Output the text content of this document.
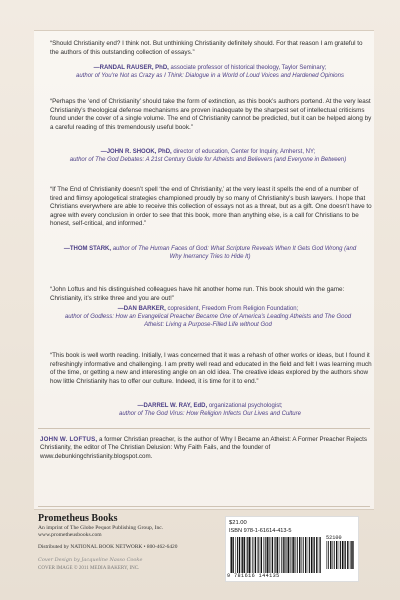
“Should Christianity end? I think not. But unthinking Christianity definitely should. For that reason I am grateful to the authors of this outstanding collection of essays.”
—RANDAL RAUSER, PhD, associate professor of historical theology, Taylor Seminary;
author of You're Not as Crazy as I Think: Dialogue in a World of Loud Voices and Hardened Opinions
“Perhaps the ‘end of Christianity’ should take the form of extinction, as this book’s authors portend. At the very least Christianity’s theological defense mechanisms are proven inadequate by the sharpest set of intellectual criticisms found under the cover of a single volume. The end of Christianity cannot be predicted, but it can be helped along by a careful reading of this tremendously useful book.”
—JOHN R. SHOOK, PhD, director of education, Center for Inquiry, Amherst, NY;
author of The God Debates: A 21st Century Guide for Atheists and Believers (and Everyone in Between)
“If The End of Christianity doesn’t spell ‘the end of Christianity,’ at the very least it spells the end of a number of tired and flimsy apologetical strategies championed proudly by so many of Christianity’s bush lawyers. I hope that Christians everywhere are able to receive this collection of essays not as a threat, but as a gift. One doesn’t have to agree with every conclusion in order to see that this book, more than anything else, is a call for Christians to be honest, self-critical, and informed.”
—THOM STARK, author of The Human Faces of God: What Scripture Reveals When It Gets God Wrong (and Why Inerrancy Tries to Hide It)
“John Loftus and his distinguished colleagues have hit another home run. This book should win the game: Christianity, it’s strike three and you are out!”
—DAN BARKER, copresident, Freedom From Religion Foundation;
author of Godless: How an Evangelical Preacher Became One of America’s Leading Atheists and The Good Atheist: Living a Purpose-Filled Life without God
“This book is well worth reading. Initially, I was concerned that it was a rehash of other works or ideas, but I found it refreshingly informative and challenging. I am pretty well read and educated in the field and felt I was learning much of the time, or getting a new and interesting angle on an old idea. The creative ideas explored by the authors show how little Christianity has to offer our culture. Indeed, it is time for it to end.”
—DARREL W. RAY, EdD, organizational psychologist;
author of The God Virus: How Religion Infects Our Lives and Culture
JOHN W. LOFTUS, a former Christian preacher, is the author of Why I Became an Atheist: A Former Preacher Rejects Christianity, the editor of The Christian Delusion: Why Faith Fails, and the founder of www.debunkingchristianity.blogspot.com.
Prometheus Books
An imprint of The Globe Pequot Publishing Group, Inc.
www.prometheusbooks.com
Distributed by NATIONAL BOOK NETWORK • 800-462-6420
Cover Design by Jacqueline Nasso Cooke
COVER IMAGE © 2011 MEDIA BAKERY, INC.
$21.00
ISBN 978-1-61614-413-5
9 781616 144135
52100
